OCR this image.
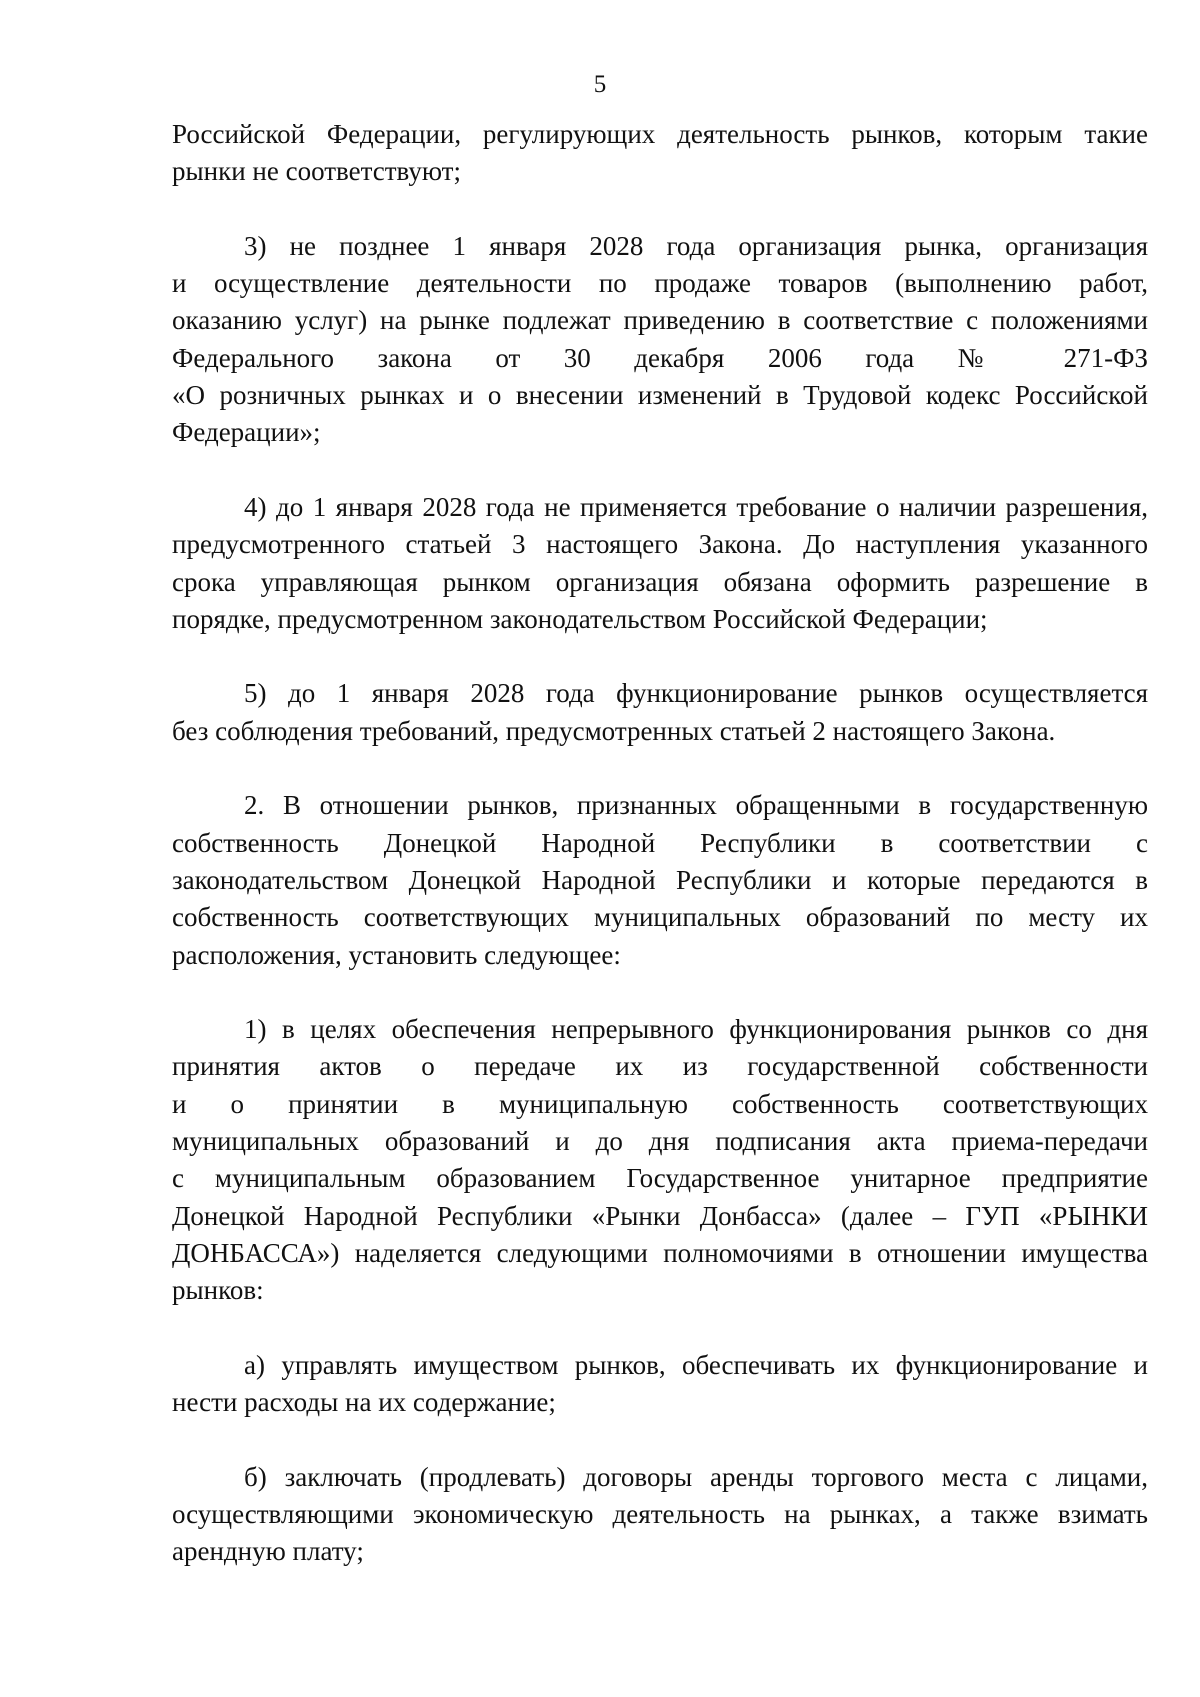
5
Российской Федерации, регулирующих деятельность рынков, которым такие
рынки не соответствуют;
3) не позднее 1 января 2028 года организация рынка, организация
и осуществление деятельности по продаже товаров (выполнению работ,
оказанию услуг) на рынке подлежат приведению в соответствие с положениями
Федерального закона от 30 декабря 2006 года № 271-ФЗ
«О розничных рынках и о внесении изменений в Трудовой кодекс Российской
Федерации»;
4) до 1 января 2028 года не применяется требование о наличии разрешения,
предусмотренного статьей 3 настоящего Закона. До наступления указанного
срока управляющая рынком организация обязана оформить разрешение в
порядке, предусмотренном законодательством Российской Федерации;
5) до 1 января 2028 года функционирование рынков осуществляется
без соблюдения требований, предусмотренных статьей 2 настоящего Закона.
2. В отношении рынков, признанных обращенными в государственную
собственность Донецкой Народной Республики в соответствии с
законодательством Донецкой Народной Республики и которые передаются в
собственность соответствующих муниципальных образований по месту их
расположения, установить следующее:
1) в целях обеспечения непрерывного функционирования рынков со дня
принятия актов о передаче их из государственной собственности
и о принятии в муниципальную собственность соответствующих
муниципальных образований и до дня подписания акта приема-передачи
с муниципальным образованием Государственное унитарное предприятие
Донецкой Народной Республики «Рынки Донбасса» (далее – ГУП «РЫНКИ
ДОНБАССА») наделяется следующими полномочиями в отношении имущества
рынков:
а) управлять имуществом рынков, обеспечивать их функционирование и
нести расходы на их содержание;
б) заключать (продлевать) договоры аренды торгового места с лицами,
осуществляющими экономическую деятельность на рынках, а также взимать
арендную плату;
